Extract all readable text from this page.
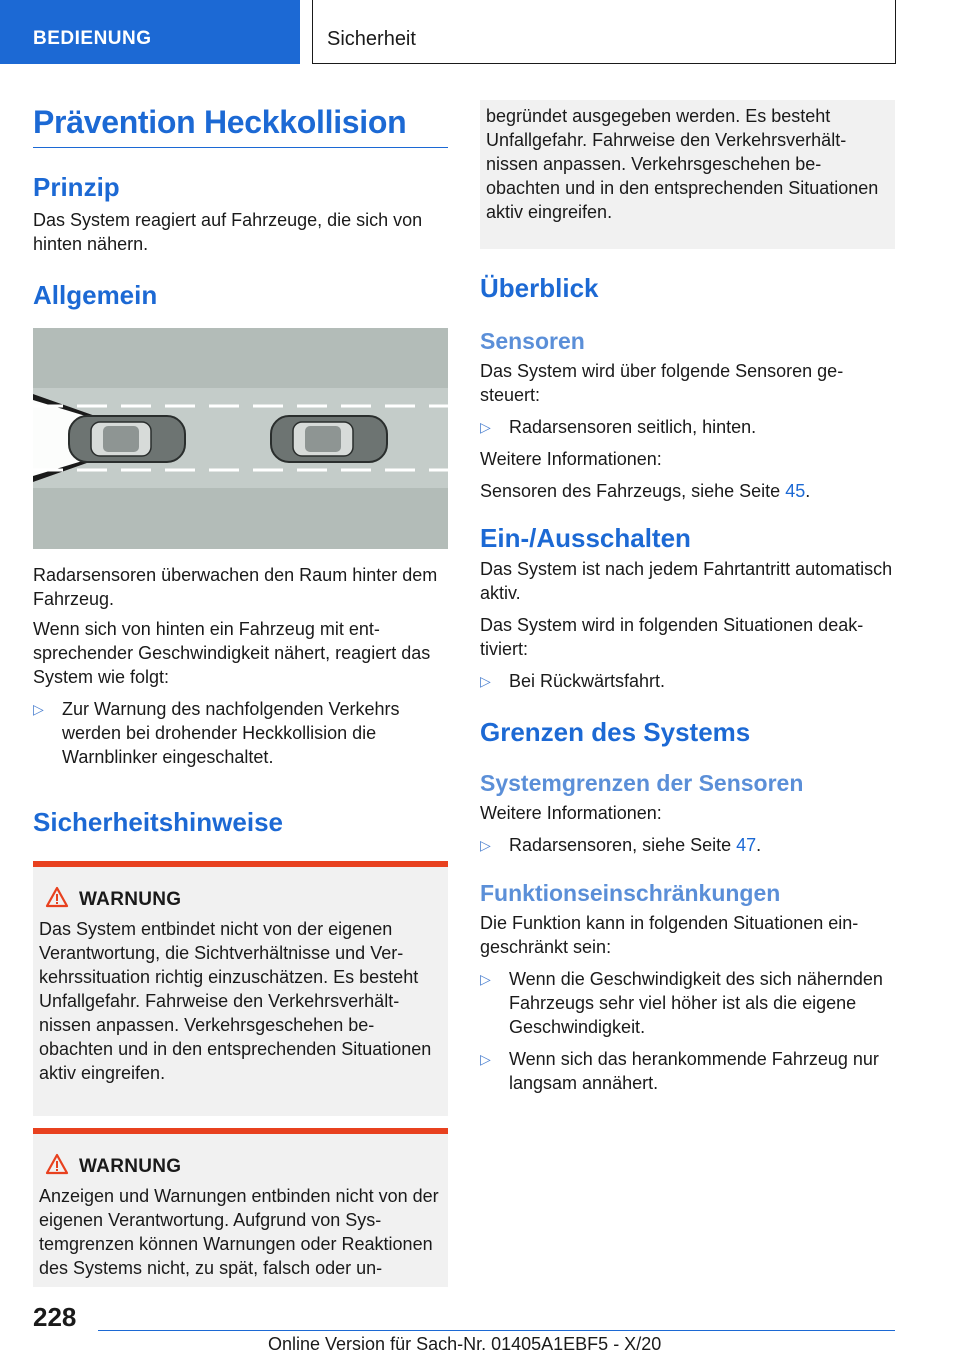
BEDIENUNG	Sicherheit
Prävention Heckkollision
Prinzip

Das System reagiert auf Fahrzeuge, die sich von hinten nähern.

Allgemein

Radarsensoren überwachen den Raum hinter dem Fahrzeug.

Wenn sich von hinten ein Fahrzeug mit entsprechender Geschwindigkeit nähert, reagiert das System wie folgt:

▷ Zur Warnung des nachfolgenden Verkehrs werden bei drohender Heckkollision die Warnblinker eingeschaltet.
Sicherheitshinweise
WARNUNG

Das System entbindet nicht von der eigenen Verantwortung, die Sichtverhältnisse und Verkehrssituation richtig einzuschätzen. Es besteht Unfallgefahr. Fahrweise den Verkehrsverhältnissen anpassen. Verkehrsgeschehen beobachten und in den entsprechenden Situationen aktiv eingreifen.

WARNUNG

Anzeigen und Warnungen entbinden nicht von der eigenen Verantwortung. Aufgrund von Systemgrenzen können Warnungen oder Reaktionen des Systems nicht, zu spät, falsch oder un-

begründet ausgegeben werden. Es besteht Unfallgefahr. Fahrweise den Verkehrsverhältnissen anpassen. Verkehrsgeschehen beobachten und in den entsprechenden Situationen aktiv eingreifen.

Überblick
Sensoren

Das System wird über folgende Sensoren gesteuert:

▷ Radarsensoren seitlich, hinten.

Weitere Informationen:

Sensoren des Fahrzeugs, siehe Seite 45.

Ein-/Ausschalten

Das System ist nach jedem Fahrtantritt automatisch aktiv.

Das System wird in folgenden Situationen deaktiviert:

▷ Bei Rückwärtsfahrt.
Grenzen des Systems
Systemgrenzen der Sensoren

Weitere Informationen:

▷ Radarsensoren, siehe Seite 47.
Funktionseinschränkungen

Die Funktion kann in folgenden Situationen eingeschränkt sein:

▷ Wenn die Geschwindigkeit des sich nähernden Fahrzeugs sehr viel höher ist als die eigene Geschwindigkeit.
▷ Wenn sich das herankommende Fahrzeug nur langsam annähert.
228
Online Version für Sach-Nr. 01405A1EBF5 - X/20
